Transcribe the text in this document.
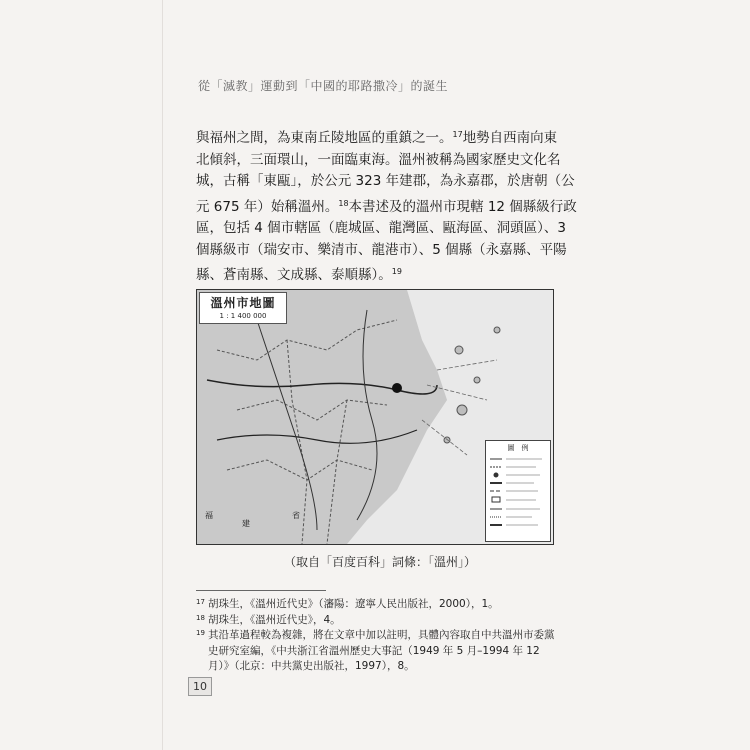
從「滅教」運動到「中國的耶路撒冷」的誕生
與福州之間，為東南丘陵地區的重鎮之一。$^{17}$地勢自西南向東
北傾斜，三面環山，一面臨東海。溫州被稱為國家歷史文化名
城，古稱「東甌」，於公元 323 年建郡，為永嘉郡，於唐朝（公
元 675 年）始稱溫州。$^{18}$本書述及的溫州市現轄 12 個縣級行政
區，包括 4 個市轄區（鹿城區、龍灣區、甌海區、洞頭區）、3
個縣級市（瑞安市、樂清市、龍港市）、5 個縣（永嘉縣、平陽
縣、蒼南縣、文成縣、泰順縣）。$^{19}$
溫州市地圖
1 : 1 400 000
圖　例
福
建
省
（取自「百度百科」詞條：「溫州」）
17 胡珠生，《溫州近代史》（瀋陽：遼寧人民出版社，2000），1。
18 胡珠生，《溫州近代史》，4。
19 其沿革過程較為複雜，將在文章中加以註明，具體內容取自中共溫州市委黨史研究室編，《中共浙江省溫州歷史大事記（1949 年 5 月–1994 年 12 月）》（北京：中共黨史出版社，1997），8。
10
